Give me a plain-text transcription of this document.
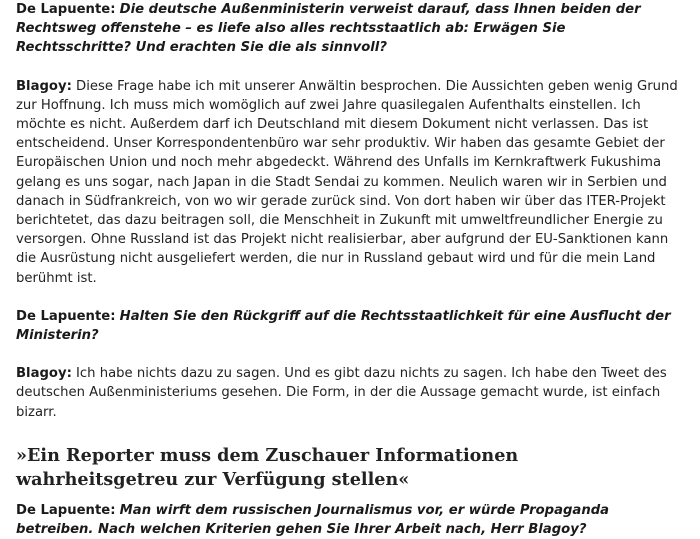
De Lapuente: Die deutsche Außenministerin verweist darauf, dass Ihnen beiden der Rechtsweg offenstehe – es liefe also alles rechtsstaatlich ab: Erwägen Sie Rechtsschritte? Und erachten Sie die als sinnvoll?

Blagoy: Diese Frage habe ich mit unserer Anwältin besprochen. Die Aussichten geben wenig Grund zur Hoffnung. Ich muss mich womöglich auf zwei Jahre quasilegalen Aufenthalts einstellen. Ich möchte es nicht. Außerdem darf ich Deutschland mit diesem Dokument nicht verlassen. Das ist entscheidend. Unser Korrespondentenbüro war sehr produktiv. Wir haben das gesamte Gebiet der Europäischen Union und noch mehr abgedeckt. Während des Unfalls im Kernkraftwerk Fukushima gelang es uns sogar, nach Japan in die Stadt Sendai zu kommen. Neulich waren wir in Serbien und danach in Südfrankreich, von wo wir gerade zurück sind. Von dort haben wir über das ITER-Projekt berichtetet, das dazu beitragen soll, die Menschheit in Zukunft mit umweltfreundlicher Energie zu versorgen. Ohne Russland ist das Projekt nicht realisierbar, aber aufgrund der EU-Sanktionen kann die Ausrüstung nicht ausgeliefert werden, die nur in Russland gebaut wird und für die mein Land berühmt ist.

De Lapuente: Halten Sie den Rückgriff auf die Rechtsstaatlichkeit für eine Ausflucht der Ministerin?

Blagoy: Ich habe nichts dazu zu sagen. Und es gibt dazu nichts zu sagen. Ich habe den Tweet des deutschen Außenministeriums gesehen. Die Form, in der die Aussage gemacht wurde, ist einfach bizarr.

»Ein Reporter muss dem Zuschauer Informationen wahrheitsgetreu zur Verfügung stellen«

De Lapuente: Man wirft dem russischen Journalismus vor, er würde Propaganda betreiben. Nach welchen Kriterien gehen Sie Ihrer Arbeit nach, Herr Blagoy?
